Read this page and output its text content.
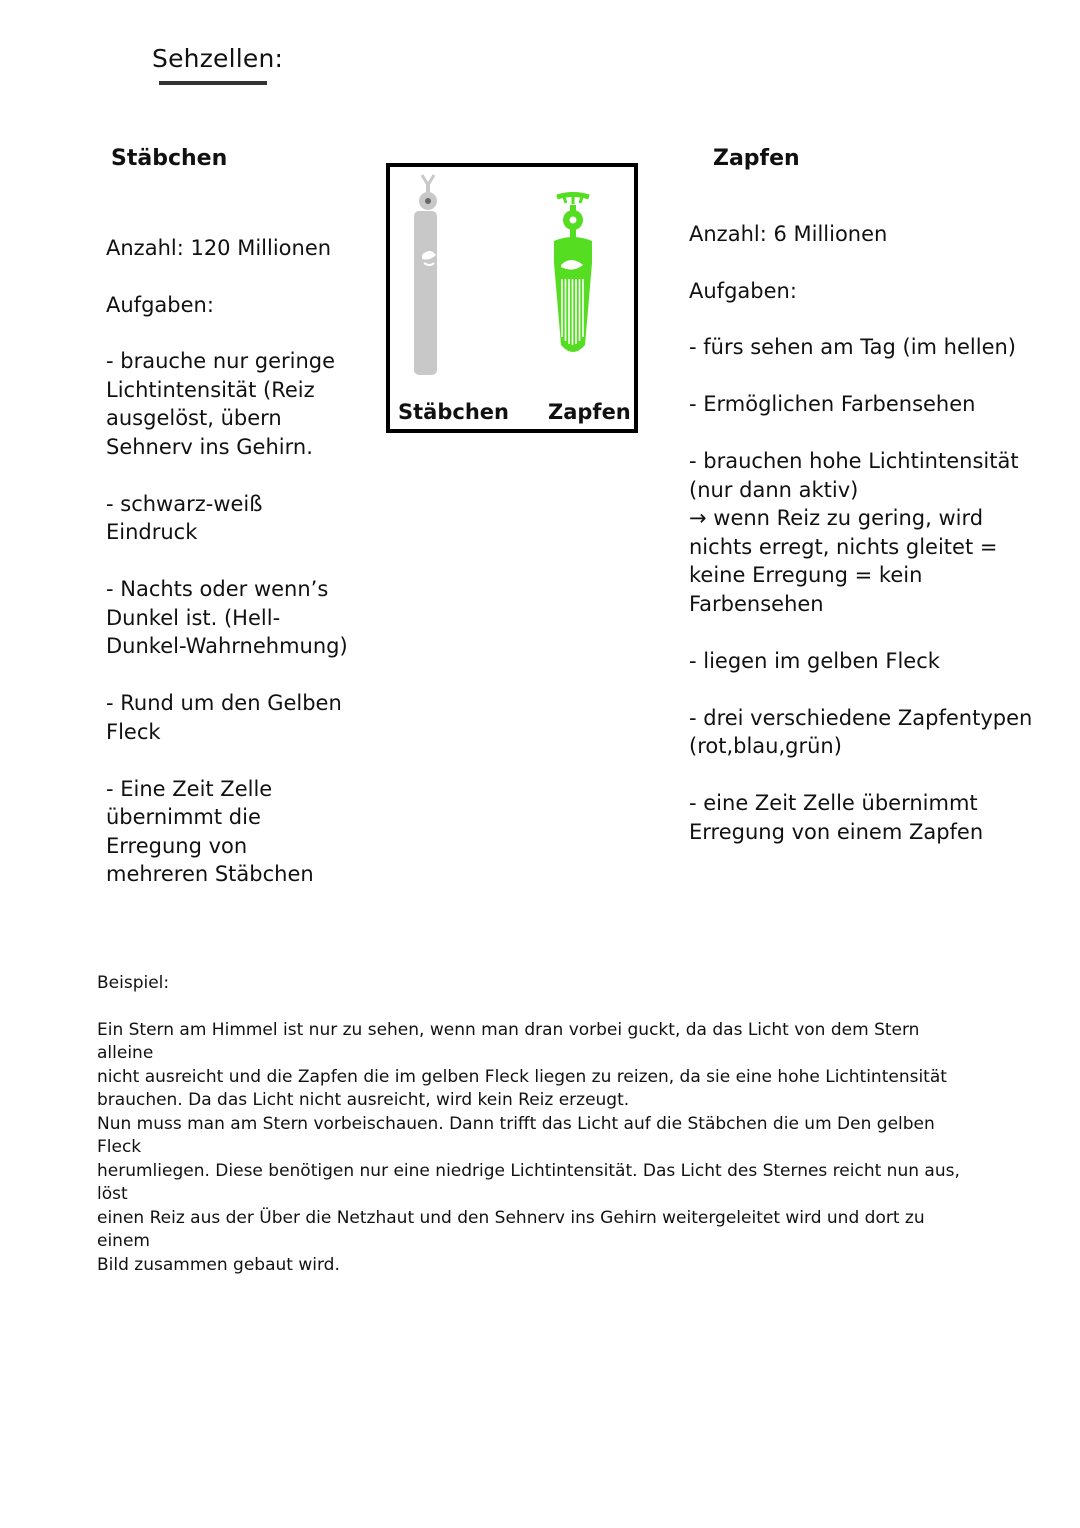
Sehzellen:
Stäbchen	Zapfen

Anzahl: 120 Millionen

Aufgaben:

- brauche nur geringe

Lichtintensität (Reiz

ausgelöst, übern

Sehnerv ins Gehirn.

- schwarz-weiß

Eindruck

- Nachts oder wenn’s

Dunkel ist. (Hell-

Dunkel-Wahrnehmung)

- Rund um den Gelben

Fleck

- Eine Zeit Zelle

übernimmt die

Erregung von

mehreren Stäbchen

Stäbchen Zapfen

Anzahl: 6 Millionen

Aufgaben:

- fürs sehen am Tag (im hellen)

- Ermöglichen Farbensehen

- brauchen hohe Lichtintensität

(nur dann aktiv)

→ wenn Reiz zu gering, wird

nichts erregt, nichts gleitet =

keine Erregung = kein

Farbensehen

- liegen im gelben Fleck

- drei verschiedene Zapfentypen

(rot,blau,grün)

- eine Zeit Zelle übernimmt

Erregung von einem Zapfen

Beispiel:

Ein Stern am Himmel ist nur zu sehen, wenn man dran vorbei guckt, da das Licht von dem Stern alleine

nicht ausreicht und die Zapfen die im gelben Fleck liegen zu reizen, da sie eine hohe Lichtintensität

brauchen. Da das Licht nicht ausreicht, wird kein Reiz erzeugt.

Nun muss man am Stern vorbeischauen. Dann trifft das Licht auf die Stäbchen die um Den gelben Fleck

herumliegen. Diese benötigen nur eine niedrige Lichtintensität. Das Licht des Sternes reicht nun aus, löst

einen Reiz aus der Über die Netzhaut und den Sehnerv ins Gehirn weitergeleitet wird und dort zu einem

Bild zusammen gebaut wird.
